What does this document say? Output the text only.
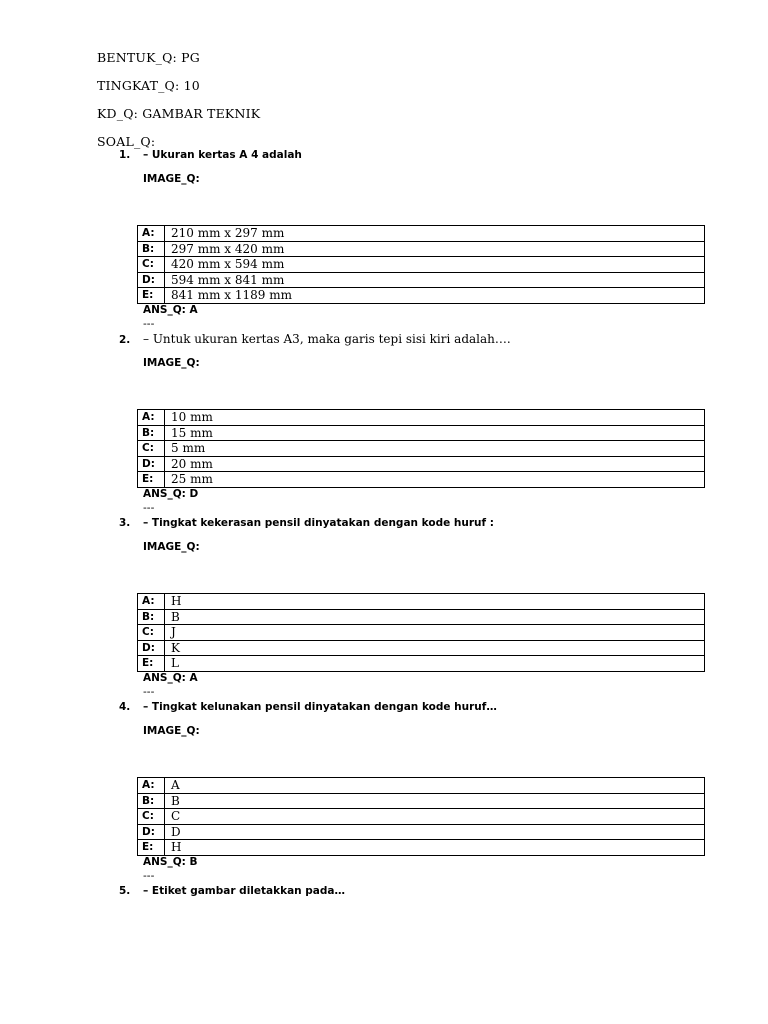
BENTUK_Q: PG
TINGKAT_Q: 10
KD_Q: GAMBAR TEKNIK
SOAL_Q:
1. – Ukuran kertas A 4 adalah
IMAGE_Q:
A:	210 mm x 297 mm
B:	297 mm x 420 mm
C:	420 mm x 594 mm
D:	594 mm x 841 mm
E:	841 mm x 1189 mm
ANS_Q: A
---
2. – Untuk ukuran kertas A3, maka garis tepi sisi kiri adalah….
IMAGE_Q:
A:	10 mm
B:	15 mm
C:	5 mm
D:	20 mm
E:	25 mm
ANS_Q: D
---
3. – Tingkat kekerasan pensil dinyatakan dengan kode huruf :
IMAGE_Q:
A:	H
B:	B
C:	J
D:	K
E:	L
ANS_Q: A
---
4. – Tingkat kelunakan pensil dinyatakan dengan kode huruf…
IMAGE_Q:
A:	A
B:	B
C:	C
D:	D
E:	H
ANS_Q: B
---
5. – Etiket gambar diletakkan pada…
